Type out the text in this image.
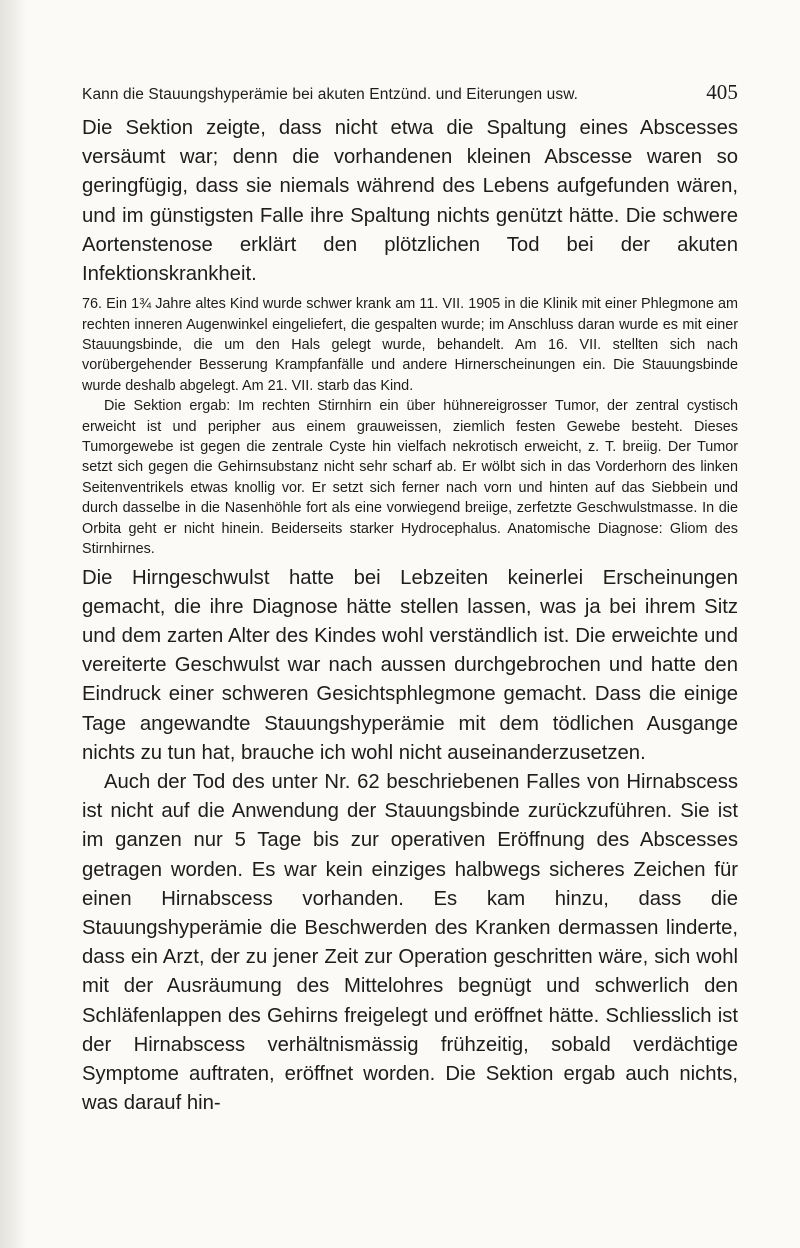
Kann die Stauungshyperämie bei akuten Entzünd. und Eiterungen usw.	405

Die Sektion zeigte, dass nicht etwa die Spaltung eines Abscesses versäumt war; denn die vorhandenen kleinen Abscesse waren so geringfügig, dass sie niemals während des Lebens aufgefunden wären, und im günstigsten Falle ihre Spaltung nichts genützt hätte. Die schwere Aortenstenose erklärt den plötzlichen Tod bei der akuten Infektionskrankheit.

76. Ein 1¾ Jahre altes Kind wurde schwer krank am 11. VII. 1905 in die Klinik mit einer Phlegmone am rechten inneren Augenwinkel eingeliefert, die gespalten wurde; im Anschluss daran wurde es mit einer Stauungsbinde, die um den Hals gelegt wurde, behandelt. Am 16. VII. stellten sich nach vorübergehender Besserung Krampfanfälle und andere Hirnerscheinungen ein. Die Stauungsbinde wurde deshalb abgelegt. Am 21. VII. starb das Kind.

Die Sektion ergab: Im rechten Stirnhirn ein über hühnereigrosser Tumor, der zentral cystisch erweicht ist und peripher aus einem grauweissen, ziemlich festen Gewebe besteht. Dieses Tumorgewebe ist gegen die zentrale Cyste hin vielfach nekrotisch erweicht, z. T. breiig. Der Tumor setzt sich gegen die Gehirnsubstanz nicht sehr scharf ab. Er wölbt sich in das Vorderhorn des linken Seitenventrikels etwas knollig vor. Er setzt sich ferner nach vorn und hinten auf das Siebbein und durch dasselbe in die Nasenhöhle fort als eine vorwiegend breiige, zerfetzte Geschwulstmasse. In die Orbita geht er nicht hinein. Beiderseits starker Hydrocephalus. Anatomische Diagnose: Gliom des Stirnhirnes.

Die Hirngeschwulst hatte bei Lebzeiten keinerlei Erscheinungen gemacht, die ihre Diagnose hätte stellen lassen, was ja bei ihrem Sitz und dem zarten Alter des Kindes wohl verständlich ist. Die erweichte und vereiterte Geschwulst war nach aussen durchgebrochen und hatte den Eindruck einer schweren Gesichtsphlegmone gemacht. Dass die einige Tage angewandte Stauungshyperämie mit dem tödlichen Ausgange nichts zu tun hat, brauche ich wohl nicht auseinanderzusetzen.

Auch der Tod des unter Nr. 62 beschriebenen Falles von Hirnabscess ist nicht auf die Anwendung der Stauungsbinde zurückzuführen. Sie ist im ganzen nur 5 Tage bis zur operativen Eröffnung des Abscesses getragen worden. Es war kein einziges halbwegs sicheres Zeichen für einen Hirnabscess vorhanden. Es kam hinzu, dass die Stauungshyperämie die Beschwerden des Kranken dermassen linderte, dass ein Arzt, der zu jener Zeit zur Operation geschritten wäre, sich wohl mit der Ausräumung des Mittelohres begnügt und schwerlich den Schläfenlappen des Gehirns freigelegt und eröffnet hätte. Schliesslich ist der Hirnabscess verhältnismässig frühzeitig, sobald verdächtige Symptome auftraten, eröffnet worden. Die Sektion ergab auch nichts, was darauf hin-
